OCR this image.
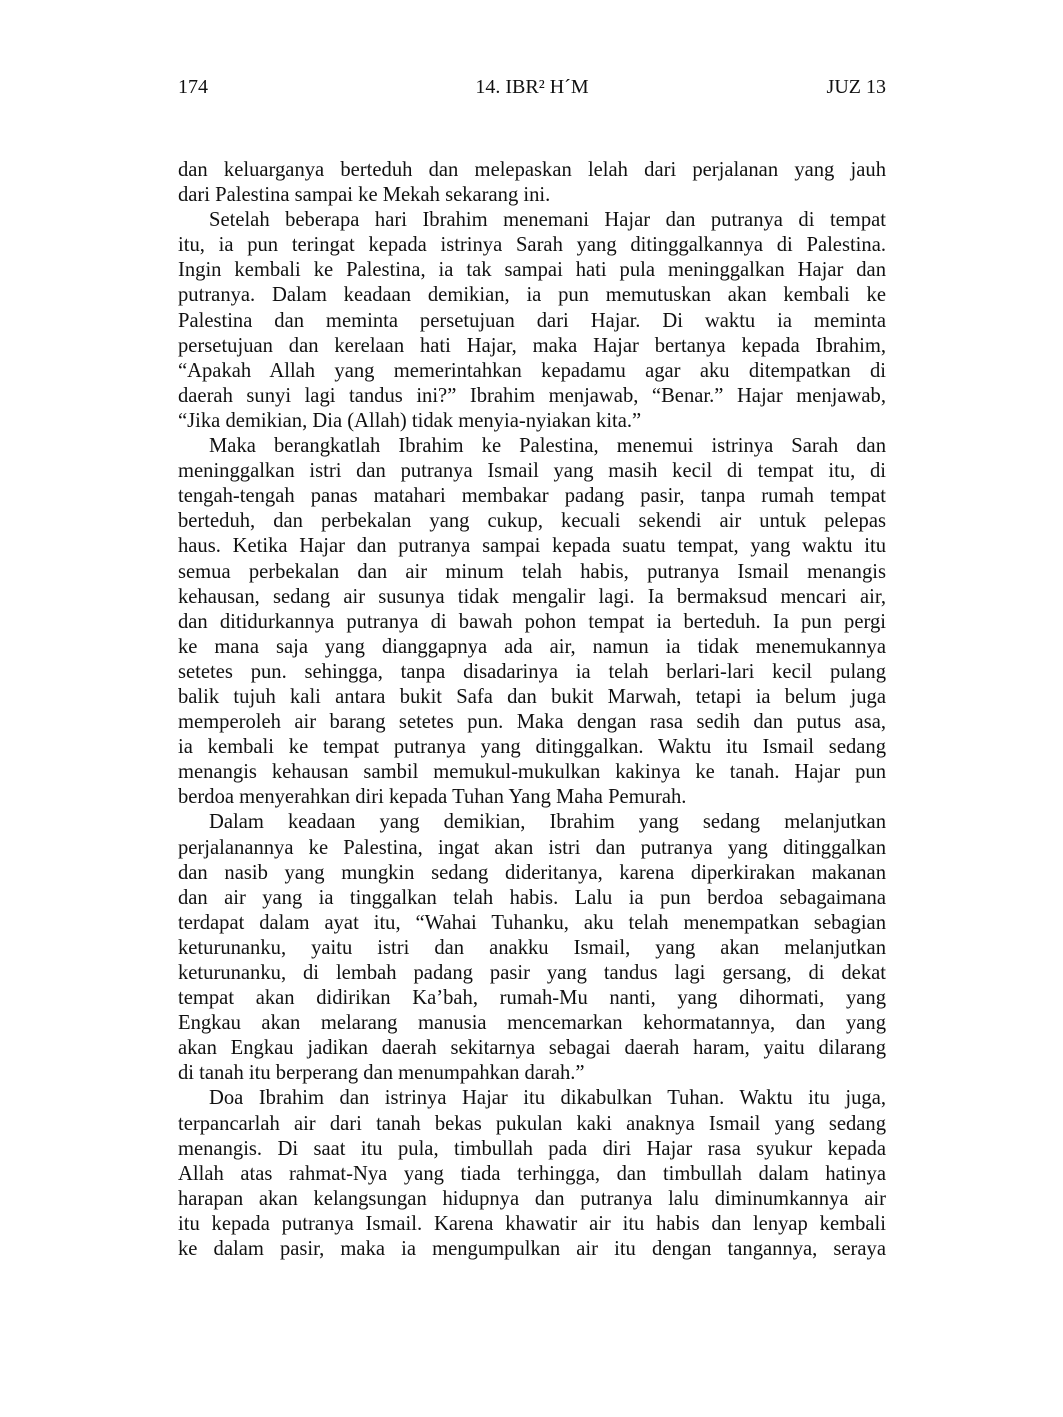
174	14. IBR² H´M	JUZ 13
dan keluarganya berteduh dan melepaskan lelah dari perjalanan yang jauh
dari Palestina sampai ke Mekah sekarang ini.
Setelah beberapa hari Ibrahim menemani Hajar dan putranya di tempat
itu, ia pun teringat kepada istrinya Sarah yang ditinggalkannya di Palestina.
Ingin kembali ke Palestina, ia tak sampai hati pula meninggalkan Hajar dan
putranya. Dalam keadaan demikian, ia pun memutuskan akan kembali ke
Palestina dan meminta persetujuan dari Hajar. Di waktu ia meminta
persetujuan dan kerelaan hati Hajar, maka Hajar bertanya kepada Ibrahim,
“Apakah Allah yang memerintahkan kepadamu agar aku ditempatkan di
daerah sunyi lagi tandus ini?” Ibrahim menjawab, “Benar.” Hajar menjawab,
“Jika demikian, Dia (Allah) tidak menyia-nyiakan kita.”
Maka berangkatlah Ibrahim ke Palestina, menemui istrinya Sarah dan
meninggalkan istri dan putranya Ismail yang masih kecil di tempat itu, di
tengah-tengah panas matahari membakar padang pasir, tanpa rumah tempat
berteduh, dan perbekalan yang cukup, kecuali sekendi air untuk pelepas
haus. Ketika Hajar dan putranya sampai kepada suatu tempat, yang waktu itu
semua perbekalan dan air minum telah habis, putranya Ismail menangis
kehausan, sedang air susunya tidak mengalir lagi. Ia bermaksud mencari air,
dan ditidurkannya putranya di bawah pohon tempat ia berteduh. Ia pun pergi
ke mana saja yang dianggapnya ada air, namun ia tidak menemukannya
setetes pun. sehingga, tanpa disadarinya ia telah berlari-lari kecil pulang
balik tujuh kali antara bukit Safa dan bukit Marwah, tetapi ia belum juga
memperoleh air barang setetes pun. Maka dengan rasa sedih dan putus asa,
ia kembali ke tempat putranya yang ditinggalkan. Waktu itu Ismail sedang
menangis kehausan sambil memukul-mukulkan kakinya ke tanah. Hajar pun
berdoa menyerahkan diri kepada Tuhan Yang Maha Pemurah.
Dalam keadaan yang demikian, Ibrahim yang sedang melanjutkan
perjalanannya ke Palestina, ingat akan istri dan putranya yang ditinggalkan
dan nasib yang mungkin sedang dideritanya, karena diperkirakan makanan
dan air yang ia tinggalkan telah habis. Lalu ia pun berdoa sebagaimana
terdapat dalam ayat itu, “Wahai Tuhanku, aku telah menempatkan sebagian
keturunanku, yaitu istri dan anakku Ismail, yang akan melanjutkan
keturunanku, di lembah padang pasir yang tandus lagi gersang, di dekat
tempat akan didirikan Ka’bah, rumah-Mu nanti, yang dihormati, yang
Engkau akan melarang manusia mencemarkan kehormatannya, dan yang
akan Engkau jadikan daerah sekitarnya sebagai daerah haram, yaitu dilarang
di tanah itu berperang dan menumpahkan darah.”
Doa Ibrahim dan istrinya Hajar itu dikabulkan Tuhan. Waktu itu juga,
terpancarlah air dari tanah bekas pukulan kaki anaknya Ismail yang sedang
menangis. Di saat itu pula, timbullah pada diri Hajar rasa syukur kepada
Allah atas rahmat-Nya yang tiada terhingga, dan timbullah dalam hatinya
harapan akan kelangsungan hidupnya dan putranya lalu diminumkannya air
itu kepada putranya Ismail. Karena khawatir air itu habis dan lenyap kembali
ke dalam pasir, maka ia mengumpulkan air itu dengan tangannya, seraya
